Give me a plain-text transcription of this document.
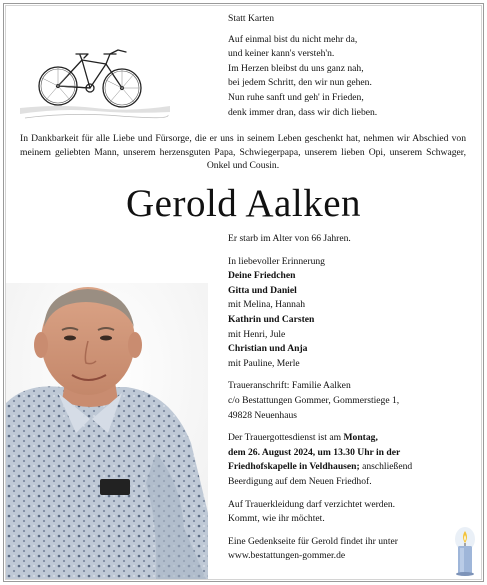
Statt Karten
Auf einmal bist du nicht mehr da,
und keiner kann's versteh'n.
Im Herzen bleibst du uns ganz nah,
bei jedem Schritt, den wir nun gehen.
Nun ruhe sanft und geh' in Frieden,
denk immer dran, dass wir dich lieben.
In Dankbarkeit für alle Liebe und Fürsorge, die er uns in seinem Leben geschenkt hat, nehmen wir Abschied von meinem geliebten Mann, unserem herzensguten Papa, Schwiegerpapa, unserem lieben Opi, unserem Schwager, Onkel und Cousin.
Gerold Aalken

Er starb im Alter von 66 Jahren.

In liebevoller Erinnerung

Deine Friedchen

Gitta und Daniel

mit Melina, Hannah

Kathrin und Carsten

mit Henri, Jule

Christian und Anja

mit Pauline, Merle

Traueranschrift: Familie Aalken

c/o Bestattungen Gommer, Gommerstiege 1,

49828 Neuenhaus

Der Trauergottesdienst ist am Montag,

dem 26. August 2024, um 13.30 Uhr in der

Friedhofskapelle in Veldhausen; anschließend

Beerdigung auf dem Neuen Friedhof.

Auf Trauerkleidung darf verzichtet werden.

Kommt, wie ihr möchtet.

Eine Gedenkseite für Gerold findet ihr unter

www.bestattungen-gommer.de
